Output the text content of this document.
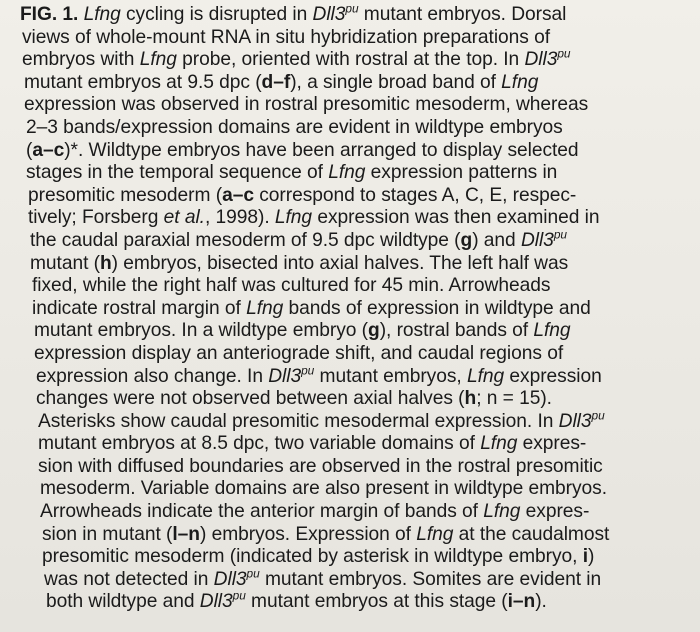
FIG. 1. Lfng cycling is disrupted in $Dll3^{pu}$ mutant embryos. Dorsal
views of whole-mount RNA in situ hybridization preparations of
embryos with Lfng probe, oriented with rostral at the top. In $Dll3^{pu}$
mutant embryos at 9.5 dpc (d–f), a single broad band of Lfng
expression was observed in rostral presomitic mesoderm, whereas
2–3 bands/expression domains are evident in wildtype embryos
(a–c)*. Wildtype embryos have been arranged to display selected
stages in the temporal sequence of Lfng expression patterns in
presomitic mesoderm (a–c correspond to stages A, C, E, respec-
tively; Forsberg et al., 1998). Lfng expression was then examined in
the caudal paraxial mesoderm of 9.5 dpc wildtype (g) and $Dll3^{pu}$
mutant (h) embryos, bisected into axial halves. The left half was
fixed, while the right half was cultured for 45 min. Arrowheads
indicate rostral margin of Lfng bands of expression in wildtype and
mutant embryos. In a wildtype embryo (g), rostral bands of Lfng
expression display an anteriograde shift, and caudal regions of
expression also change. In $Dll3^{pu}$ mutant embryos, Lfng expression
changes were not observed between axial halves (h; n = 15).
Asterisks show caudal presomitic mesodermal expression. In $Dll3^{pu}$
mutant embryos at 8.5 dpc, two variable domains of Lfng expres-
sion with diffused boundaries are observed in the rostral presomitic
mesoderm. Variable domains are also present in wildtype embryos.
Arrowheads indicate the anterior margin of bands of Lfng expres-
sion in mutant (l–n) embryos. Expression of Lfng at the caudalmost
presomitic mesoderm (indicated by asterisk in wildtype embryo, i)
was not detected in $Dll3^{pu}$ mutant embryos. Somites are evident in
both wildtype and $Dll3^{pu}$ mutant embryos at this stage (i–n).
